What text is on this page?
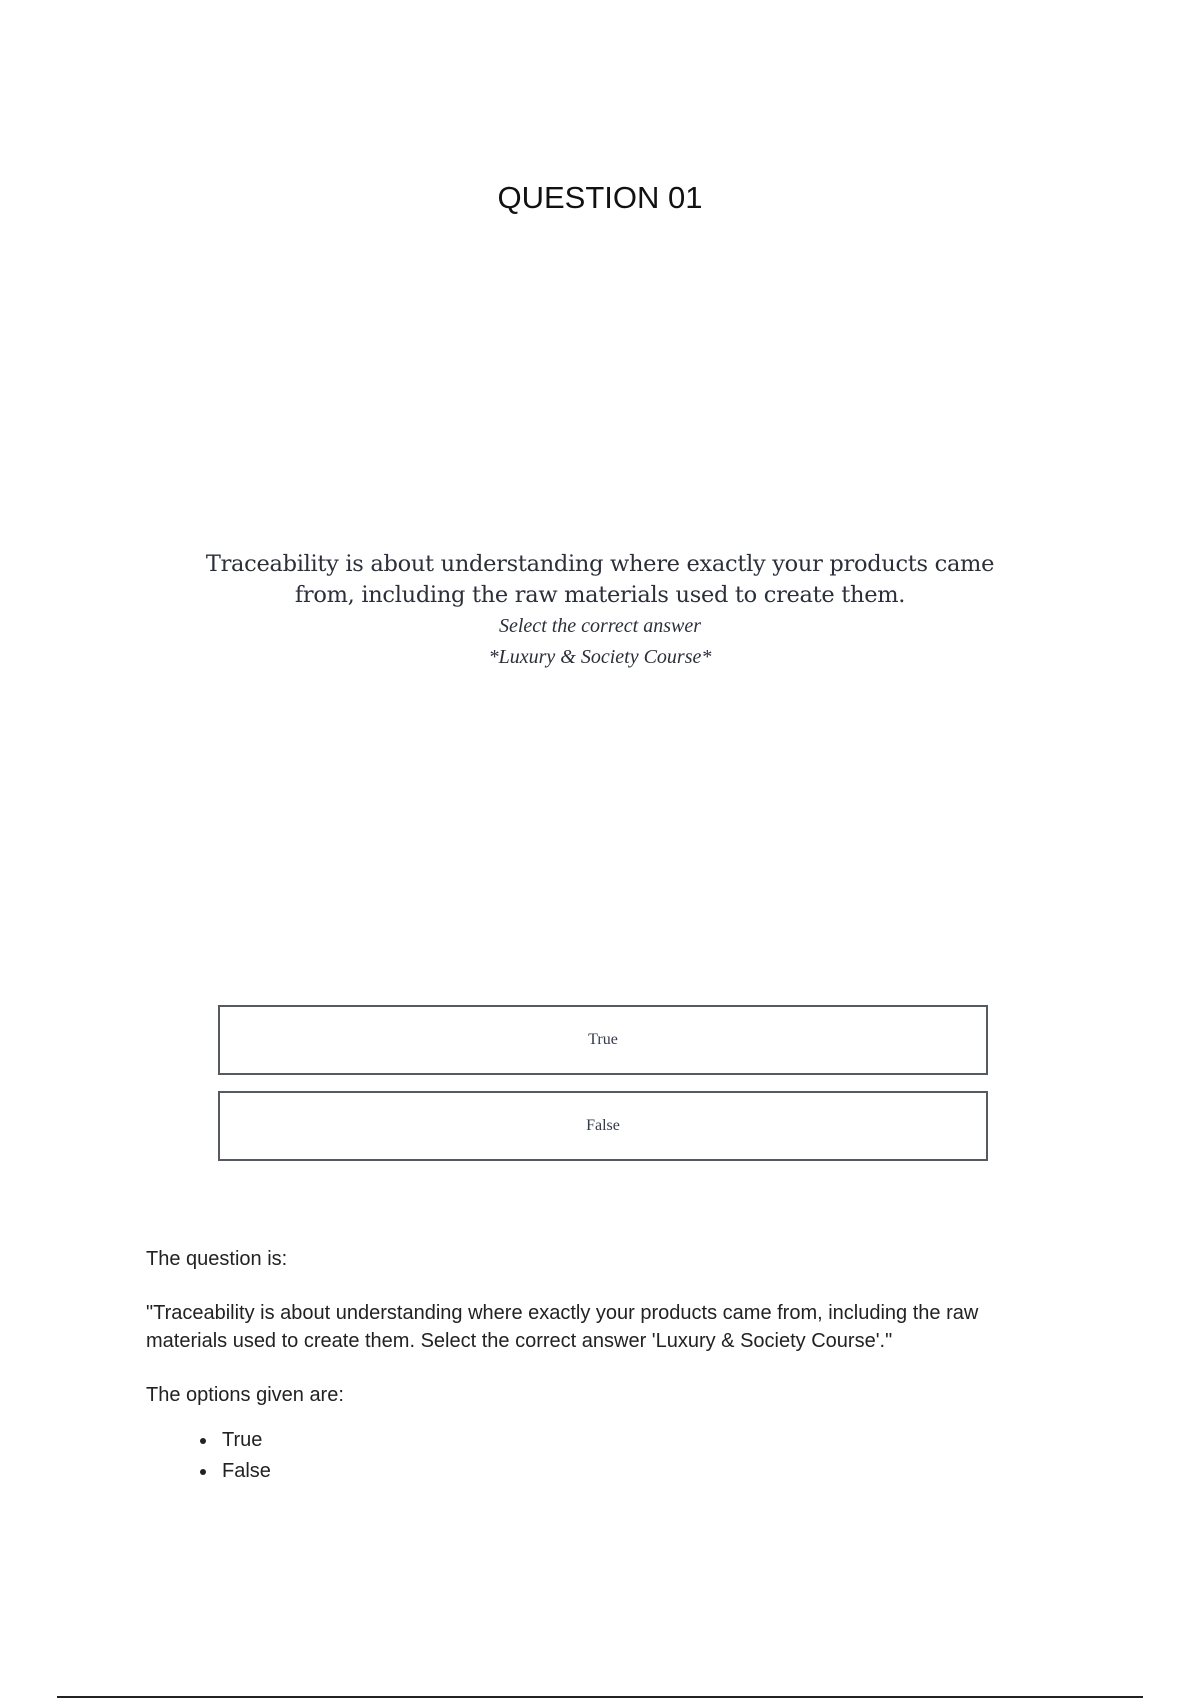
QUESTION 01
Traceability is about understanding where exactly your products came
from, including the raw materials used to create them.
Select the correct answer
*Luxury & Society Course*
True
False

The question is:

"Traceability is about understanding where exactly your products came from, including the raw materials used to create them. Select the correct answer 'Luxury & Society Course'."

The options given are:

• True
• False
